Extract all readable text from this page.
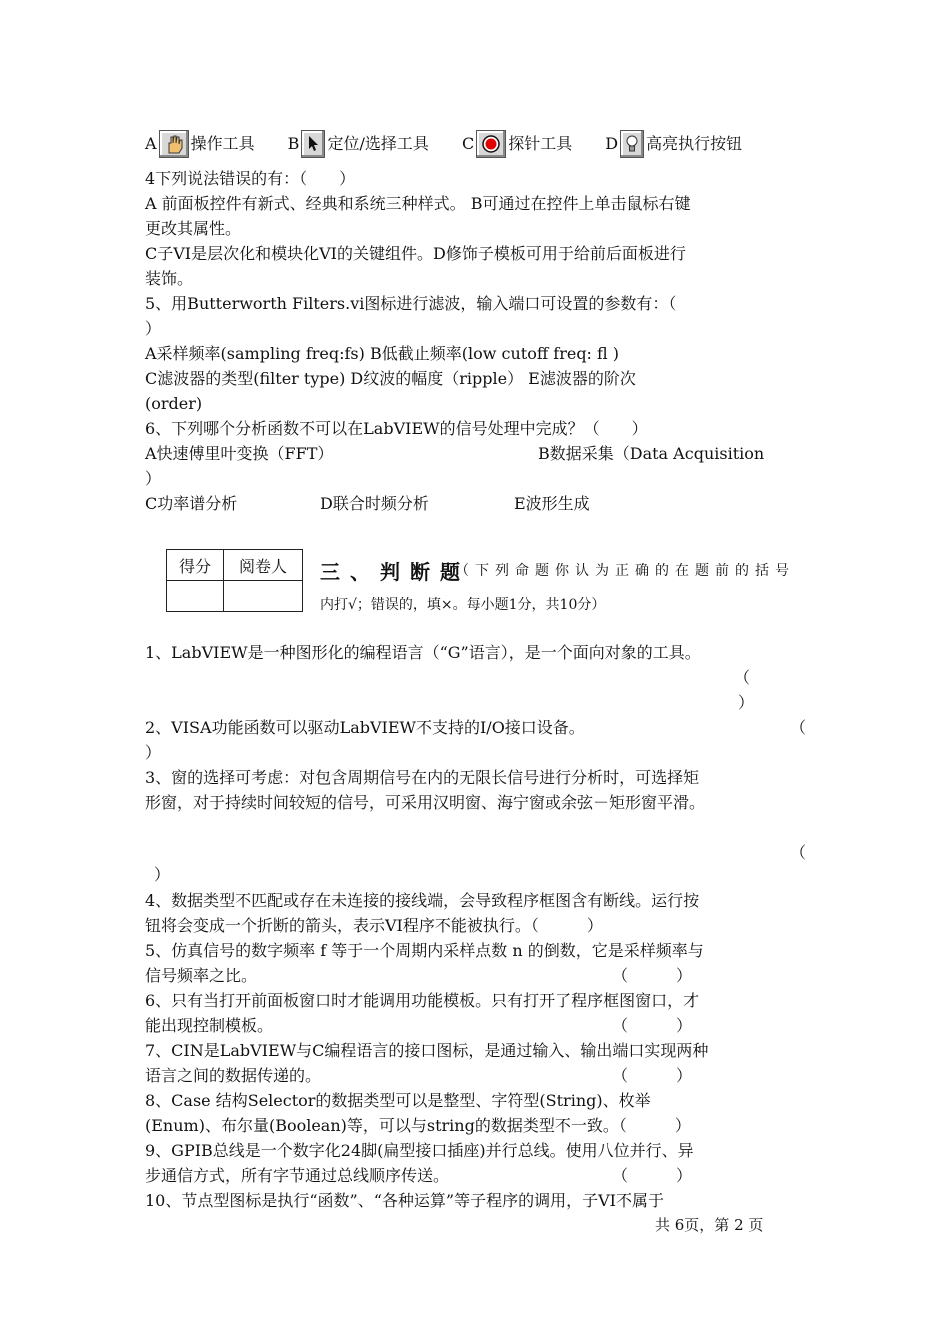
A 操作工具
B 定位/选择工具
C 探针工具
D 高亮执行按钮
4下列说法错误的有：（　　）
A 前面板控件有新式、经典和系统三种样式。 B可通过在控件上单击鼠标右键
更改其属性。
C子VI是层次化和模块化VI的关键组件。D修饰子模板可用于给前后面板进行
装饰。
5、用Butterworth Filters.vi图标进行滤波，输入端口可设置的参数有：（
）
A采样频率(sampling freq:fs) B低截止频率(low cutoff freq: fl )
C滤波器的类型(filter type) D纹波的幅度（ripple） E滤波器的阶次
(order)
6、下列哪个分析函数不可以在LabVIEW的信号处理中完成？（　　）
A快速傅里叶变换（FFT）	B数据采集（Data Acquisition
）
C功率谱分析	D联合时频分析	E波形生成
得分	阅卷人
	三、判断题
（下列命题你认为正确的在题前的括号
内打√；错误的，填×。每小题1分，共10分）
1、LabVIEW是一种图形化的编程语言（“G”语言），是一个面向对象的工具。
（
）
2、VISA功能函数可以驱动LabVIEW不支持的I/O接口设备。	（
）
3、窗的选择可考虑：对包含周期信号在内的无限长信号进行分析时，可选择矩
形窗，对于持续时间较短的信号，可采用汉明窗、海宁窗或余弦－矩形窗平滑。
（
）
4、数据类型不匹配或存在未连接的接线端，会导致程序框图含有断线。运行按
钮将会变成一个折断的箭头，表示VI程序不能被执行。（　　　）
5、仿真信号的数字频率 f 等于一个周期内采样点数 n 的倒数，它是采样频率与
信号频率之比。	（　　　）
6、只有当打开前面板窗口时才能调用功能模板。只有打开了程序框图窗口，才
能出现控制模板。	（　　　）
7、CIN是LabVIEW与C编程语言的接口图标，是通过输入、输出端口实现两种
语言之间的数据传递的。	（　　　）
8、Case 结构Selector的数据类型可以是整型、字符型(String)、枚举
(Enum)、布尔量(Boolean)等，可以与string的数据类型不一致。（　　　）
9、GPIB总线是一个数字化24脚(扁型接口插座)并行总线。使用八位并行、异
步通信方式，所有字节通过总线顺序传送。	（　　　）
10、节点型图标是执行“函数”、“各种运算”等子程序的调用，子VI不属于
共 6页，第 2 页
